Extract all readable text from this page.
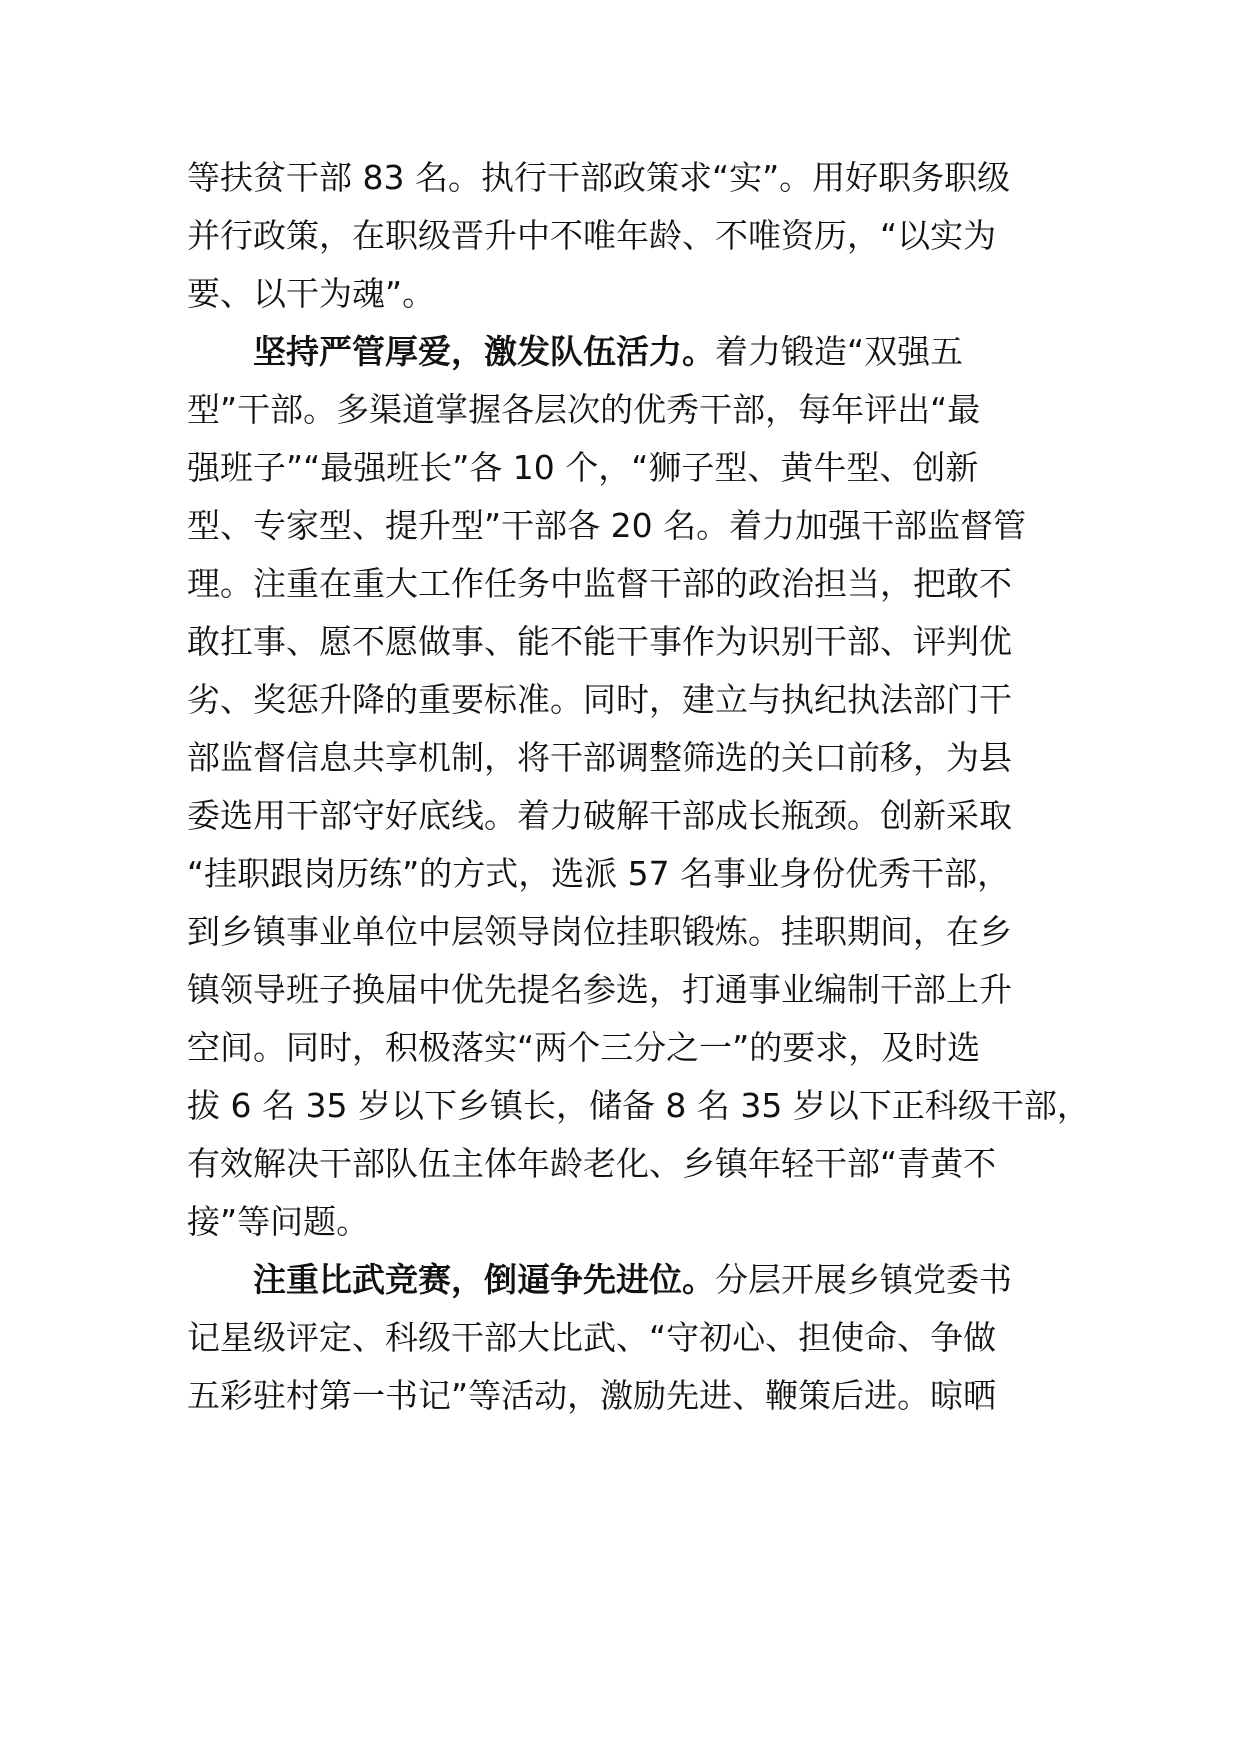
等扶贫干部 83 名。执行干部政策求“实”。用好职务职级
并行政策，在职级晋升中不唯年龄、不唯资历，“以实为
要、以干为魂”。
坚持严管厚爱，激发队伍活力。着力锻造“双强五
型”干部。多渠道掌握各层次的优秀干部，每年评出“最
强班子”“最强班长”各 10 个，“狮子型、黄牛型、创新
型、专家型、提升型”干部各 20 名。着力加强干部监督管
理。注重在重大工作任务中监督干部的政治担当，把敢不
敢扛事、愿不愿做事、能不能干事作为识别干部、评判优
劣、奖惩升降的重要标准。同时，建立与执纪执法部门干
部监督信息共享机制，将干部调整筛选的关口前移，为县
委选用干部守好底线。着力破解干部成长瓶颈。创新采取
“挂职跟岗历练”的方式，选派 57 名事业身份优秀干部，
到乡镇事业单位中层领导岗位挂职锻炼。挂职期间，在乡
镇领导班子换届中优先提名参选，打通事业编制干部上升
空间。同时，积极落实“两个三分之一”的要求，及时选
拔 6 名 35 岁以下乡镇长，储备 8 名 35 岁以下正科级干部，
有效解决干部队伍主体年龄老化、乡镇年轻干部“青黄不
接”等问题。
注重比武竞赛，倒逼争先进位。分层开展乡镇党委书
记星级评定、科级干部大比武、“守初心、担使命、争做
五彩驻村第一书记”等活动，激励先进、鞭策后进。晾晒
